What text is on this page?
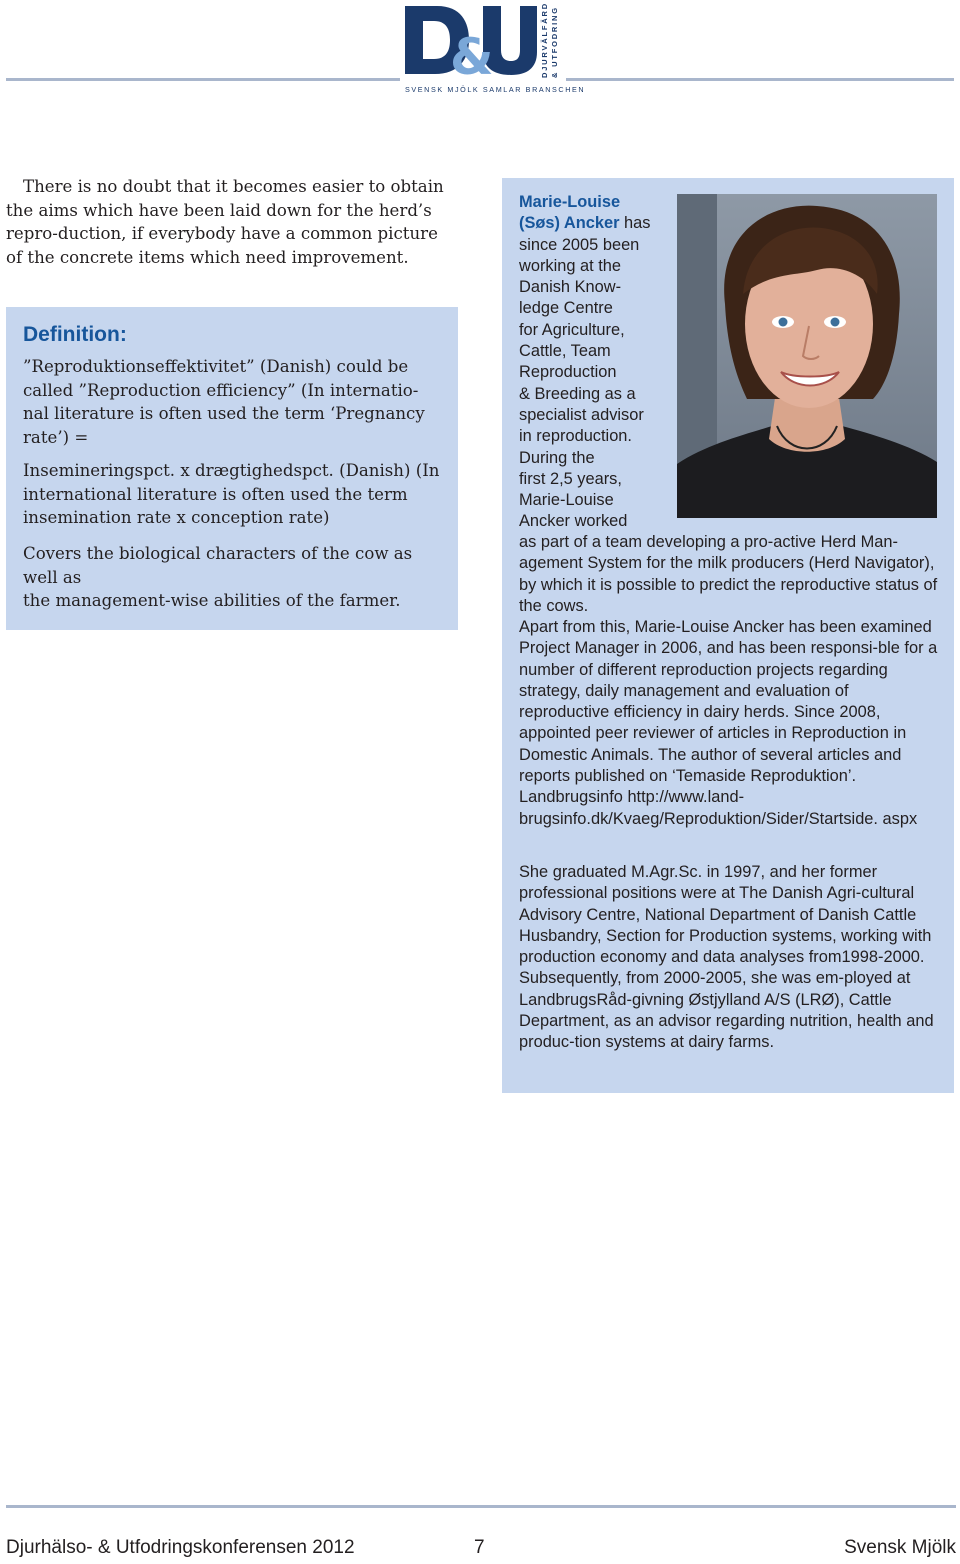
&	DJURVÄLFÄRD & UTFODRING
SVENSK MJÖLK SAMLAR BRANSCHEN
There is no doubt that it becomes easier to obtain the aims which have been laid down for the herd’s repro-duction, if everybody have a common picture of the concrete items which need improvement.
Definition:
”Reproduktionseffektivitet” (Danish) could be called ”Reproduction efficiency” (In internatio-nal literature is often used the term ‘Pregnancy rate’) =
Insemineringspct. x drægtighedspct. (Danish) (In international literature is often used the term insemination rate x conception rate)
Covers the biological characters of the cow as well as
the management-wise abilities of the farmer.
Marie-Louise
(Søs) Ancker has
since 2005 been
working at the
Danish Know-
ledge Centre
for Agriculture,
Cattle, Team
Reproduction
& Breeding as a
specialist advisor
in reproduction.
During the
first 2,5 years,
Marie-Louise
Ancker worked
as part of a team developing a pro-active Herd Man-agement System for the milk producers (Herd Navigator), by which it is possible to predict the reproductive status of the cows.
Apart from this, Marie-Louise Ancker has been examined Project Manager in 2006, and has been responsi-ble for a number of different reproduction projects regarding strategy, daily management and evaluation of reproductive efficiency in dairy herds. Since 2008, appointed peer reviewer of articles in Reproduction in Domestic Animals. The author of several articles and reports published on ‘Temaside Reproduktion’. Landbrugsinfo http://www.land-brugsinfo.dk/Kvaeg/Reproduktion/Sider/Startside. aspx
She graduated M.Agr.Sc. in 1997, and her former professional positions were at The Danish Agri-cultural Advisory Centre, National Department of Danish Cattle Husbandry, Section for Production systems, working with production economy and data analyses from1998-2000. Subsequently, from 2000-2005, she was em-ployed at LandbrugsRåd-givning Østjylland A/S (LRØ), Cattle Department, as an advisor regarding nutrition, health and produc-tion systems at dairy farms.
Djurhälso- & Utfodringskonferensen 2012	7	Svensk Mjölk
